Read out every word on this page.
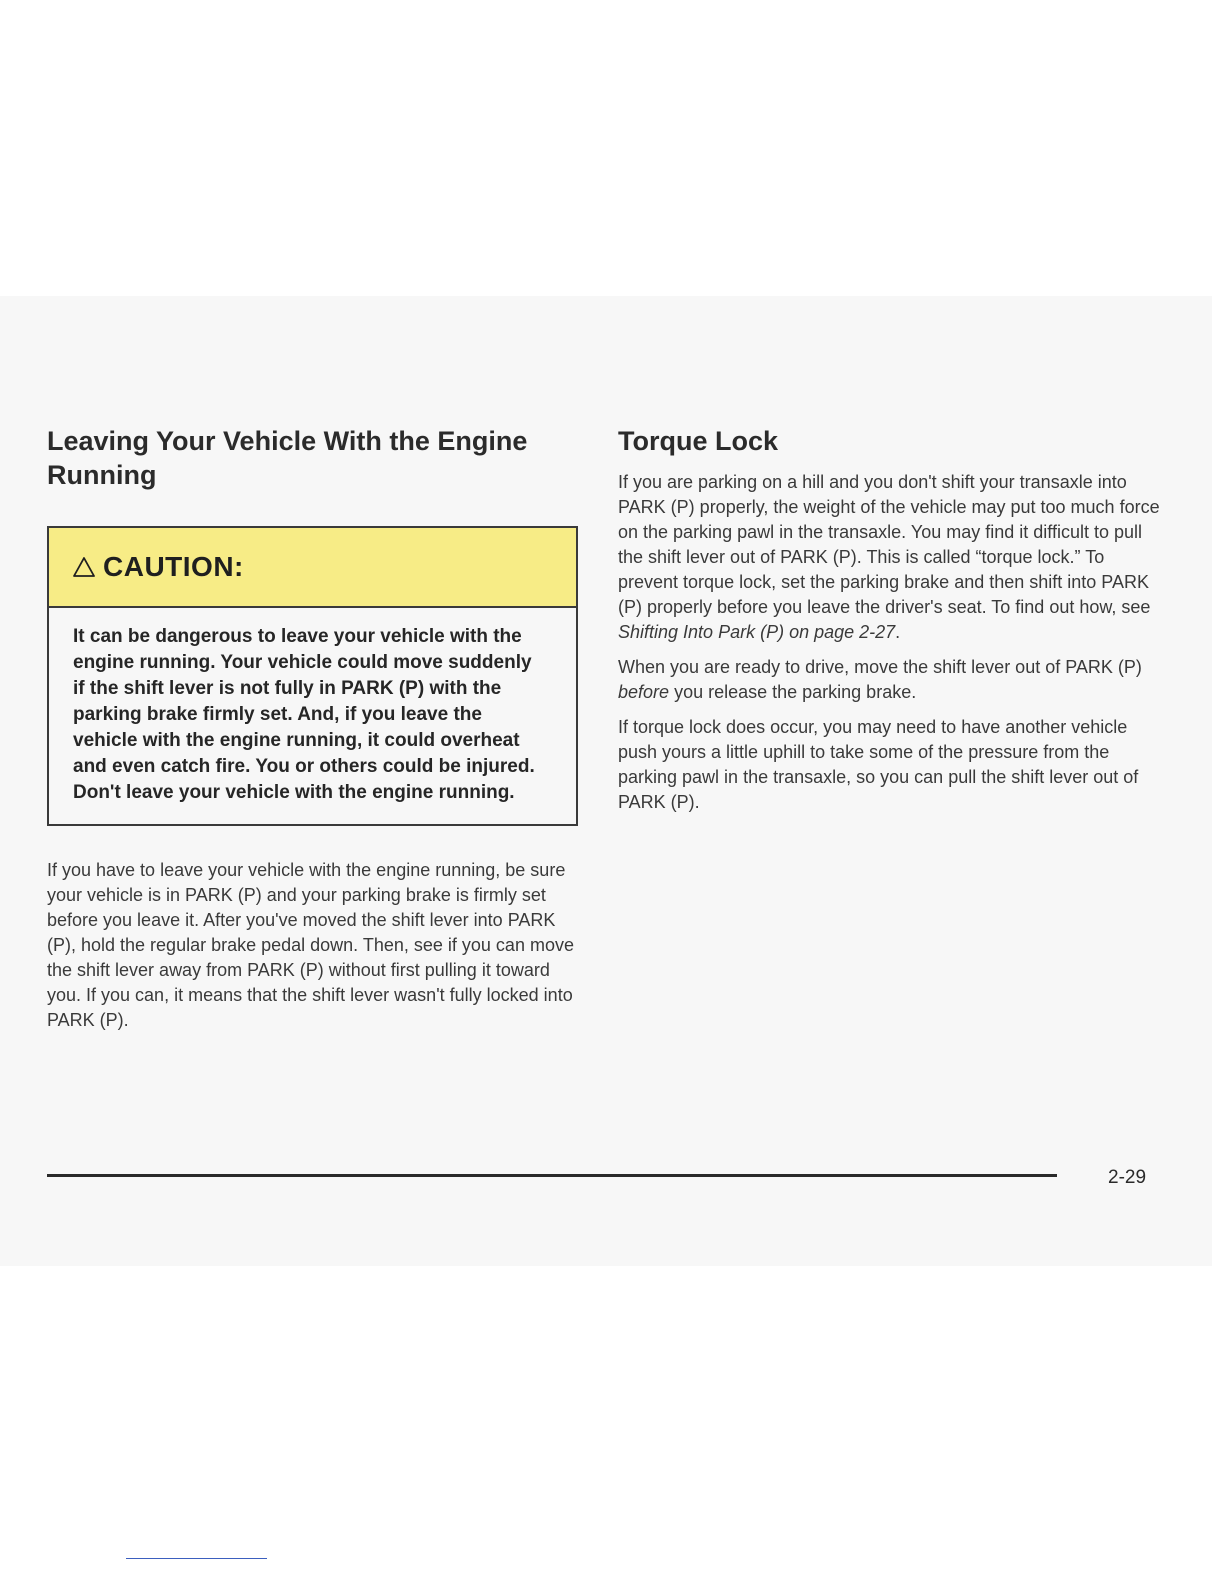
Leaving Your Vehicle With the Engine Running
CAUTION:
It can be dangerous to leave your vehicle with the engine running. Your vehicle could move suddenly if the shift lever is not fully in PARK (P) with the parking brake firmly set. And, if you leave the vehicle with the engine running, it could overheat and even catch fire. You or others could be injured. Don't leave your vehicle with the engine running.

If you have to leave your vehicle with the engine running, be sure your vehicle is in PARK (P) and your parking brake is firmly set before you leave it. After you've moved the shift lever into PARK (P), hold the regular brake pedal down. Then, see if you can move the shift lever away from PARK (P) without first pulling it toward you. If you can, it means that the shift lever wasn't fully locked into PARK (P).

Torque Lock

If you are parking on a hill and you don't shift your transaxle into PARK (P) properly, the weight of the vehicle may put too much force on the parking pawl in the transaxle. You may find it difficult to pull the shift lever out of PARK (P). This is called “torque lock.” To prevent torque lock, set the parking brake and then shift into PARK (P) properly before you leave the driver's seat. To find out how, see Shifting Into Park (P) on page 2-27.

When you are ready to drive, move the shift lever out of PARK (P) before you release the parking brake.

If torque lock does occur, you may need to have another vehicle push yours a little uphill to take some of the pressure from the parking pawl in the transaxle, so you can pull the shift lever out of PARK (P).

2-29
